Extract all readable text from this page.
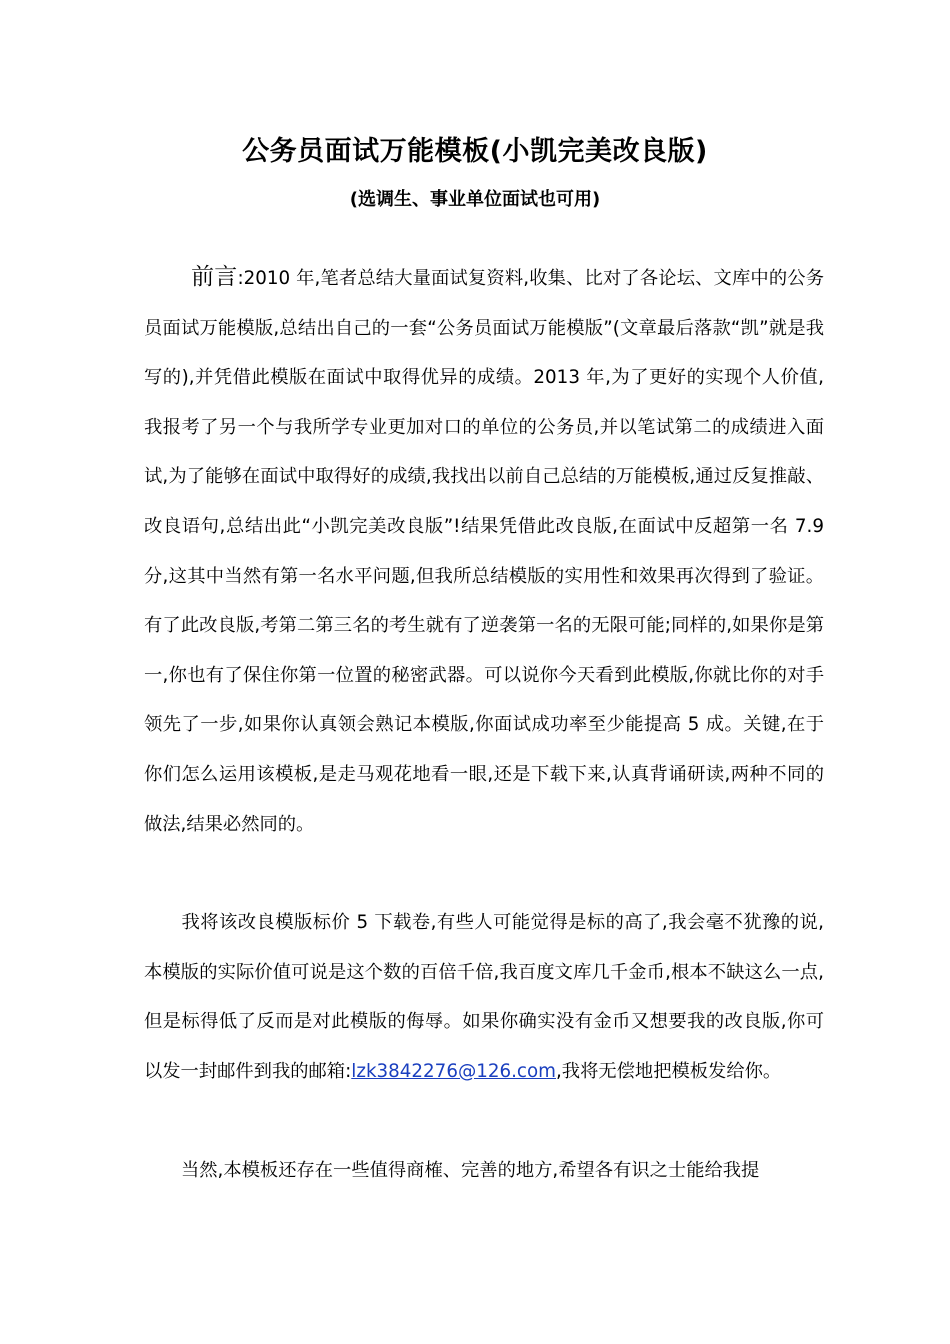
公务员面试万能模板(小凯完美改良版)
(选调生、事业单位面试也可用)
前言:2010 年,笔者总结大量面试复资料,收集、比对了各论坛、文库中的公务员面试万能模版,总结出自己的一套“公务员面试万能模版”(文章最后落款“凯”就是我写的),并凭借此模版在面试中取得优异的成绩。2013 年,为了更好的实现个人价值,我报考了另一个与我所学专业更加对口的单位的公务员,并以笔试第二的成绩进入面试,为了能够在面试中取得好的成绩,我找出以前自己总结的万能模板,通过反复推敲、改良语句,总结出此“小凯完美改良版”!结果凭借此改良版,在面试中反超第一名 7.9 分,这其中当然有第一名水平问题,但我所总结模版的实用性和效果再次得到了验证。有了此改良版,考第二第三名的考生就有了逆袭第一名的无限可能;同样的,如果你是第一,你也有了保住你第一位置的秘密武器。可以说你今天看到此模版,你就比你的对手领先了一步,如果你认真领会熟记本模版,你面试成功率至少能提高 5 成。关键,在于你们怎么运用该模板,是走马观花地看一眼,还是下载下来,认真背诵研读,两种不同的做法,结果必然同的。
我将该改良模版标价 5 下载卷,有些人可能觉得是标的高了,我会毫不犹豫的说,本模版的实际价值可说是这个数的百倍千倍,我百度文库几千金币,根本不缺这么一点,但是标得低了反而是对此模版的侮辱。如果你确实没有金币又想要我的改良版,你可以发一封邮件到我的邮箱:lzk3842276@126.com,我将无偿地把模板发给你。
当然,本模板还存在一些值得商榷、完善的地方,希望各有识之士能给我提
